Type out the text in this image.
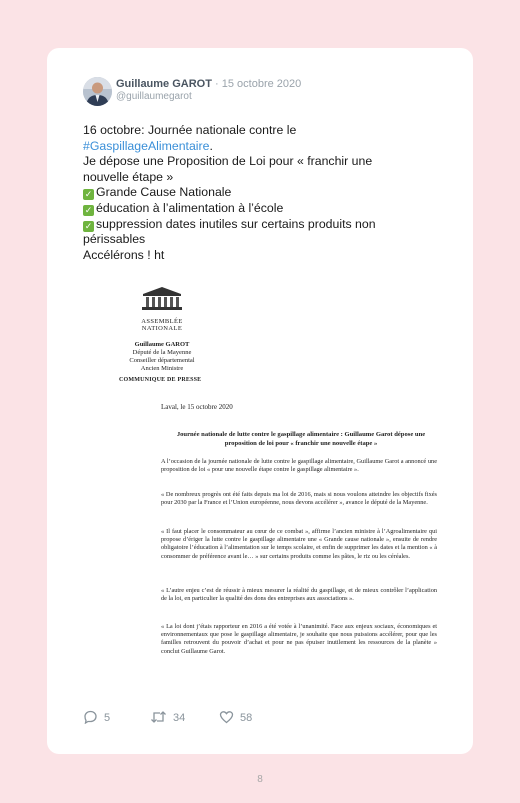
Guillaume GAROT · 15 octobre 2020
@guillaumegarot
16 octobre: Journée nationale contre le
#GaspillageAlimentaire.
Je dépose une Proposition de Loi pour « franchir une
nouvelle étape »
✓ Grande Cause Nationale
✓ éducation à l’alimentation à l’école
✓ suppression dates inutiles sur certains produits non
périssables
Accélérons ! ht
ASSEMBLÉE
NATIONALE
Guillaume GAROT
Député de la Mayenne
Conseiller départemental
Ancien Ministre
COMMUNIQUE DE PRESSE
Laval, le 15 octobre 2020
Journée nationale de lutte contre le gaspillage alimentaire : Guillaume Garot dépose une proposition de loi pour « franchir une nouvelle étape »
A l’occasion de la journée nationale de lutte contre le gaspillage alimentaire, Guillaume Garot a annoncé une proposition de loi « pour une nouvelle étape contre le gaspillage alimentaire ».
« De nombreux progrès ont été faits depuis ma loi de 2016, mais si nous voulons atteindre les objectifs fixés pour 2030 par la France et l’Union européenne, nous devons accélérer », avance le député de la Mayenne.
« Il faut placer le consommateur au cœur de ce combat », affirme l’ancien ministre à l’Agroalimentaire qui propose d’ériger la lutte contre le gaspillage alimentaire une « Grande cause nationale », ensuite de rendre obligatoire l’éducation à l’alimentation sur le temps scolaire, et enfin de supprimer les dates et la mention « à consommer de préférence avant le… » sur certains produits comme les pâtes, le riz ou les céréales.
« L’autre enjeu c’est de réussir à mieux mesurer la réalité du gaspillage, et de mieux contrôler l’application de la loi, en particulier la qualité des dons des entreprises aux associations ».
« La loi dont j’étais rapporteur en 2016 a été votée à l’unanimité. Face aux enjeux sociaux, économiques et environnementaux que pose le gaspillage alimentaire, je souhaite que nous puissions accélérer, pour que les familles retrouvent du pouvoir d’achat et pour ne pas épuiser inutilement les ressources de la planète » conclut Guillaume Garot.
5	34	58
8
